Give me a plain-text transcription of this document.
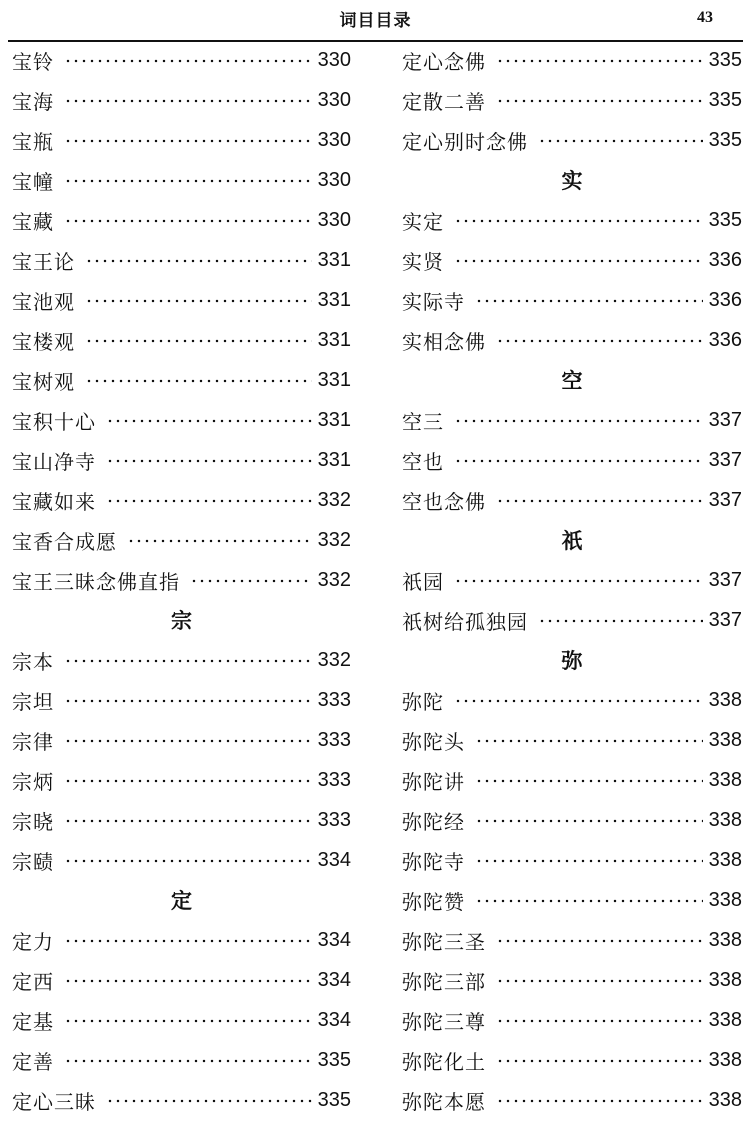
词目目录	43
宝铃	330
宝海	330
宝瓶	330
宝幢	330
宝藏	330
宝王论	331
宝池观	331
宝楼观	331
宝树观	331
宝积十心	331
宝山净寺	331
宝藏如来	332
宝香合成愿	332
宝王三昧念佛直指	332
宗
宗本	332
宗坦	333
宗律	333
宗炳	333
宗晓	333
宗赜	334
定
定力	334
定西	334
定基	334
定善	335
定心三昧	335
定心念佛	335
定散二善	335
定心别时念佛	335
实
实定	335
实贤	336
实际寺	336
实相念佛	336
空
空三	337
空也	337
空也念佛	337
祇
祇园	337
祇树给孤独园	337
弥
弥陀	338
弥陀头	338
弥陀讲	338
弥陀经	338
弥陀寺	338
弥陀赞	338
弥陀三圣	338
弥陀三部	338
弥陀三尊	338
弥陀化土	338
弥陀本愿	338
